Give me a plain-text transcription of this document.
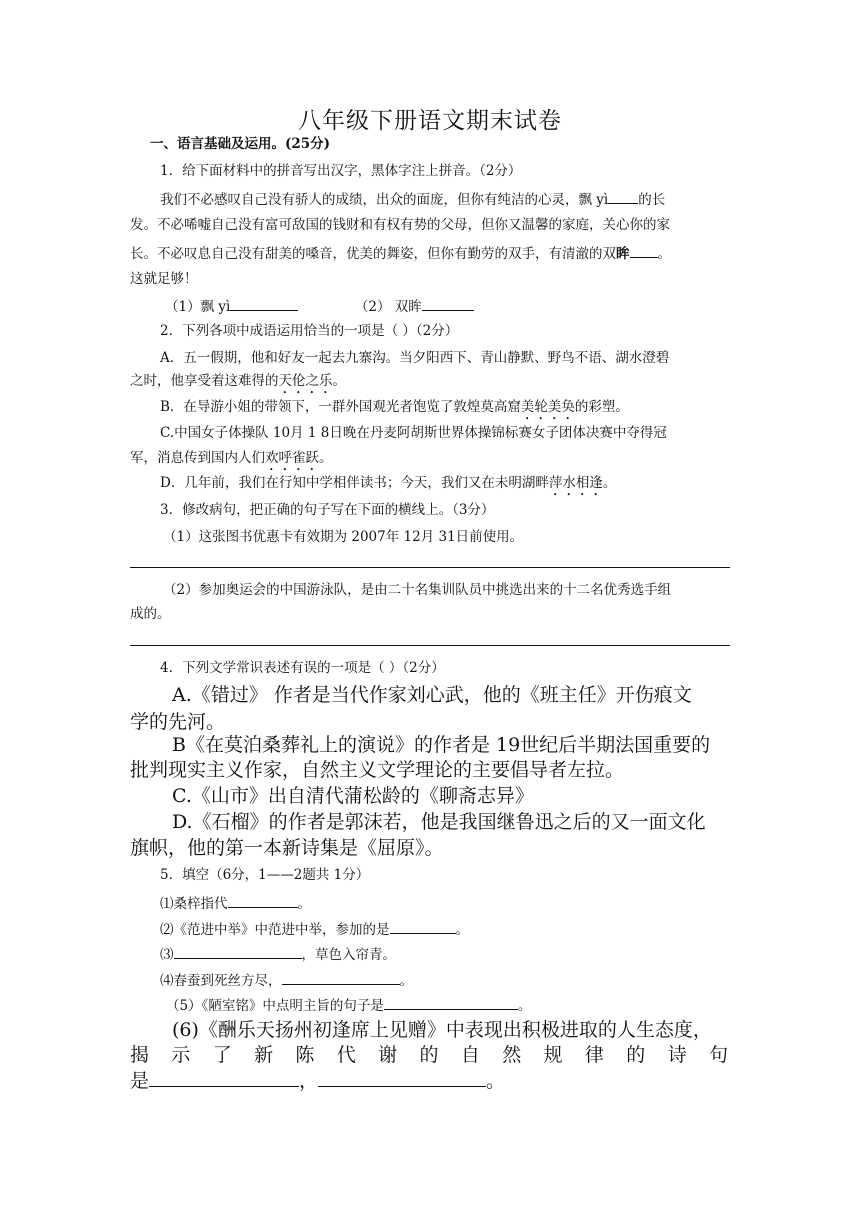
八年级下册语文期末试卷
一、语言基础及运用。(25分)
1．给下面材料中的拼音写出汉字，黑体字注上拼音。（2分）
我们不必感叹自己没有骄人的成绩，出众的面庞，但你有纯洁的心灵，飘 yì 的长
发。不必唏嘘自己没有富可敌国的钱财和有权有势的父母，但你又温馨的家庭，关心你的家
长。不必叹息自己没有甜美的嗓音，优美的舞姿，但你有勤劳的双手，有清澈的双眸 。
这就足够！
（1）飘 yì	（2） 双眸
2．下列各项中成语运用恰当的一项是（ ）（2分）
A．五一假期，他和好友一起去九寨沟。当夕阳西下、青山静默、野鸟不语、湖水澄碧
之时，他享受着这难得的天伦之乐。
B．在导游小姐的带领下，一群外国观光者饱览了敦煌莫高窟美轮美奂的彩塑。
C.中国女子体操队 10月 1 8日晚在丹麦阿胡斯世界体操锦标赛女子团体决赛中夺得冠
军，消息传到国内人们欢呼雀跃。
D．几年前，我们在行知中学相伴读书；今天，我们又在未明湖畔萍水相逢。
3．修改病句，把正确的句子写在下面的横线上。（3分）
（1）这张图书优惠卡有效期为 2007年 12月 31日前使用。
（2）参加奥运会的中国游泳队，是由二十名集训队员中挑选出来的十二名优秀选手组
成的。
4．下列文学常识表述有误的一项是（ ）（2分）
A.《错过》 作者是当代作家刘心武，他的《班主任》开伤痕文
学的先河。
B《在莫泊桑葬礼上的演说》的作者是 19世纪后半期法国重要的
批判现实主义作家，自然主义文学理论的主要倡导者左拉。
C.《山市》出自清代蒲松龄的《聊斋志异》
D.《石榴》的作者是郭沫若，他是我国继鲁迅之后的又一面文化
旗帜，他的第一本新诗集是《屈原》。
5．填空（6分，1——2题共 1分）
⑴桑梓指代	。
⑵《范进中举》中范进中举，参加的是	。
⑶	，草色入帘青。
⑷春蚕到死丝方尽，	。
（5）《陋室铭》中点明主旨的句子是	。
(6)《酬乐天扬州初逢席上见赠》中表现出积极进取的人生态度，
揭示了新陈代谢的自然规律的诗句
是	，	。
